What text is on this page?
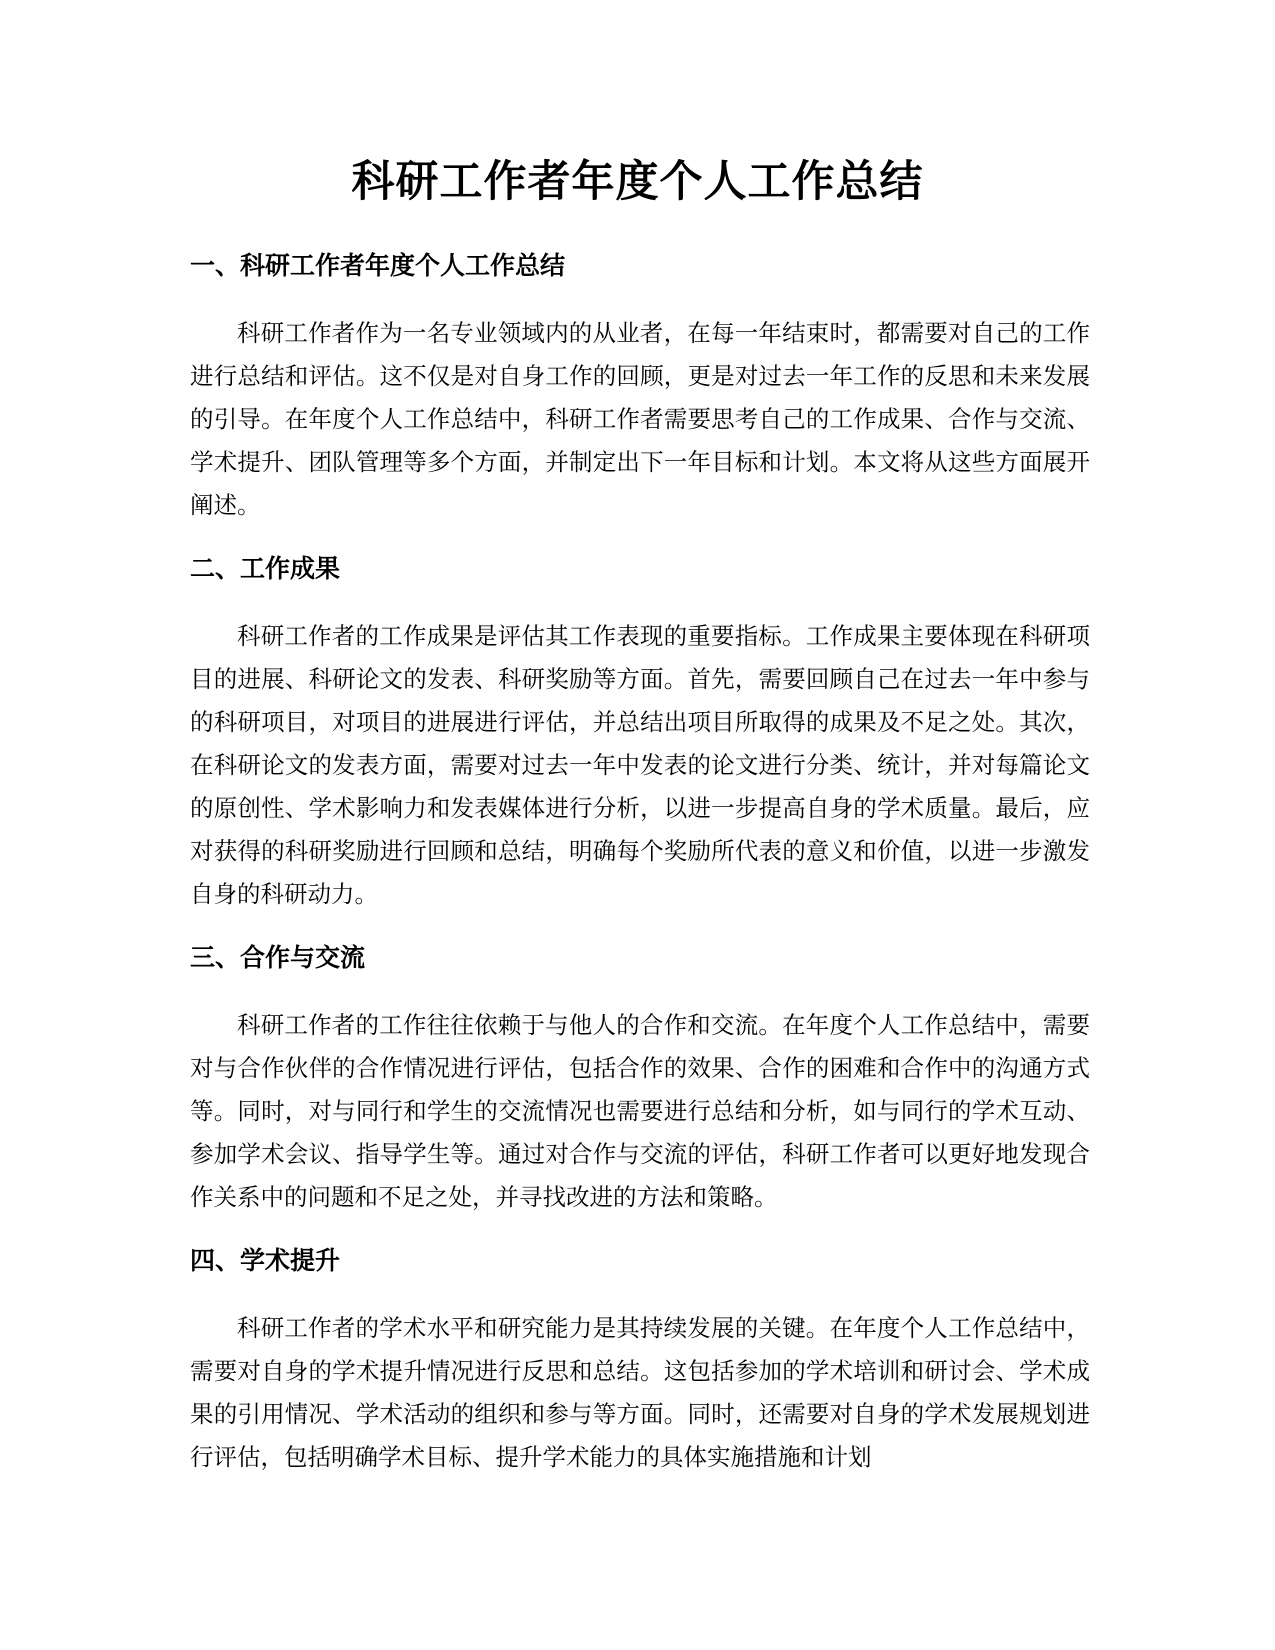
科研工作者年度个人工作总结
一、科研工作者年度个人工作总结

科研工作者作为一名专业领域内的从业者，在每一年结束时，都需要对自己的工作进行总结和评估。这不仅是对自身工作的回顾，更是对过去一年工作的反思和未来发展的引导。在年度个人工作总结中，科研工作者需要思考自己的工作成果、合作与交流、学术提升、团队管理等多个方面，并制定出下一年目标和计划。本文将从这些方面展开阐述。

二、工作成果

科研工作者的工作成果是评估其工作表现的重要指标。工作成果主要体现在科研项目的进展、科研论文的发表、科研奖励等方面。首先，需要回顾自己在过去一年中参与的科研项目，对项目的进展进行评估，并总结出项目所取得的成果及不足之处。其次，在科研论文的发表方面，需要对过去一年中发表的论文进行分类、统计，并对每篇论文的原创性、学术影响力和发表媒体进行分析，以进一步提高自身的学术质量。最后，应对获得的科研奖励进行回顾和总结，明确每个奖励所代表的意义和价值，以进一步激发自身的科研动力。

三、合作与交流

科研工作者的工作往往依赖于与他人的合作和交流。在年度个人工作总结中，需要对与合作伙伴的合作情况进行评估，包括合作的效果、合作的困难和合作中的沟通方式等。同时，对与同行和学生的交流情况也需要进行总结和分析，如与同行的学术互动、参加学术会议、指导学生等。通过对合作与交流的评估，科研工作者可以更好地发现合作关系中的问题和不足之处，并寻找改进的方法和策略。

四、学术提升

科研工作者的学术水平和研究能力是其持续发展的关键。在年度个人工作总结中，需要对自身的学术提升情况进行反思和总结。这包括参加的学术培训和研讨会、学术成果的引用情况、学术活动的组织和参与等方面。同时，还需要对自身的学术发展规划进行评估，包括明确学术目标、提升学术能力的具体实施措施和计划
